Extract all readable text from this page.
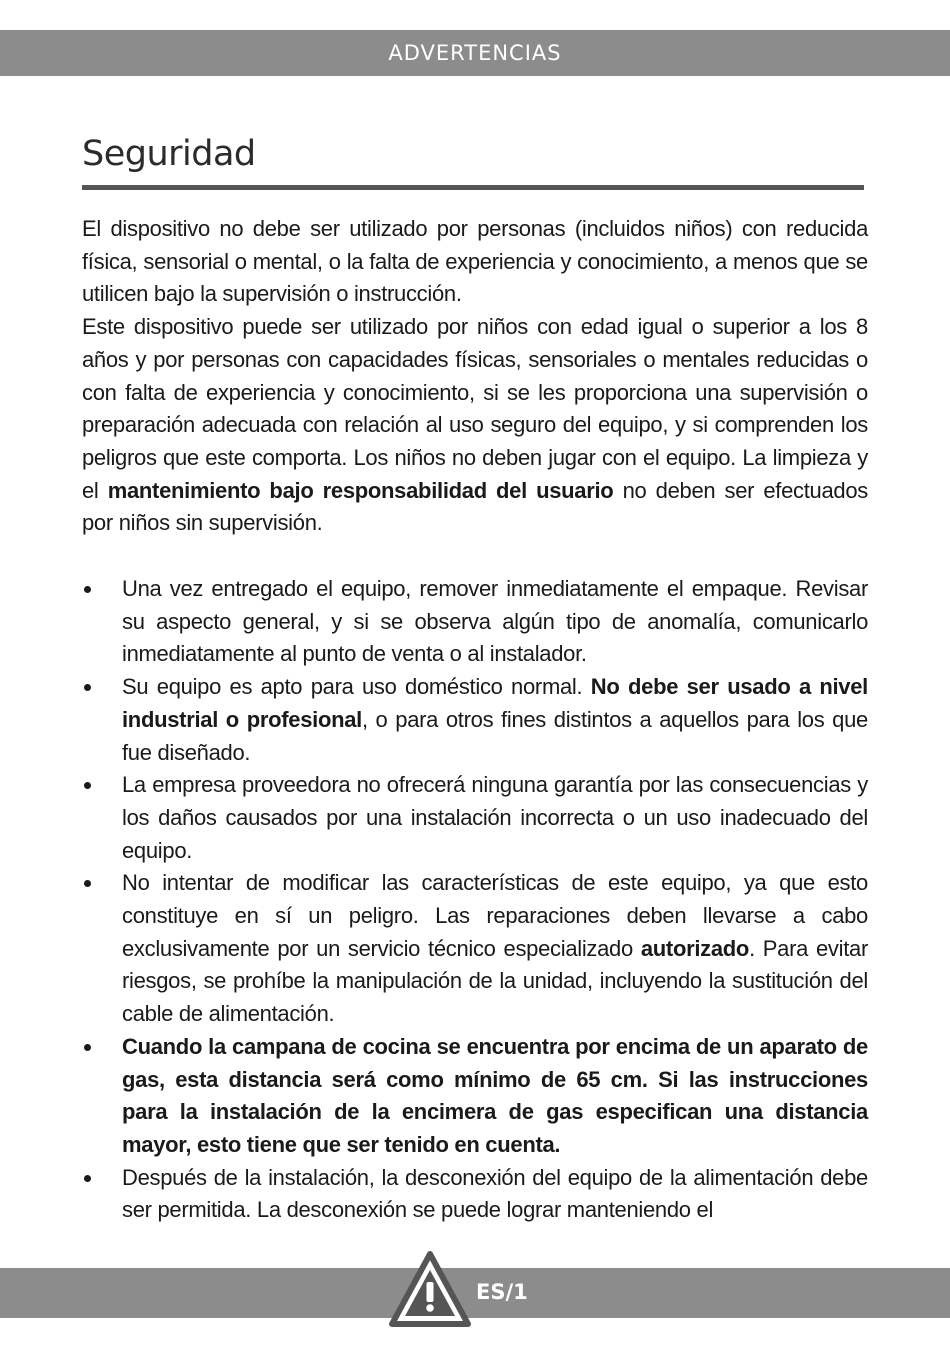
ADVERTENCIAS
Seguridad

El dispositivo no debe ser utilizado por personas (incluidos niños) con reducida física, sensorial o mental, o la falta de experiencia y conocimiento, a menos que se utilicen bajo la supervisión o instrucción.

Este dispositivo puede ser utilizado por niños con edad igual o superior a los 8 años y por personas con capacidades físicas, sensoriales o mentales reducidas o con falta de experiencia y conocimiento, si se les proporciona una supervisión o preparación adecuada con relación al uso seguro del equipo, y si comprenden los peligros que este comporta. Los niños no deben jugar con el equipo. La limpieza y el mantenimiento bajo responsabilidad del usuario no deben ser efectuados por niños sin supervisión.

Una vez entregado el equipo, remover inmediatamente el empaque. Revisar su aspecto general, y si se observa algún tipo de anomalía, comunicarlo inmediatamente al punto de venta o al instalador.
Su equipo es apto para uso doméstico normal. No debe ser usado a nivel industrial o profesional, o para otros fines distintos a aquellos para los que fue diseñado.
La empresa proveedora no ofrecerá ninguna garantía por las consecuencias y los daños causados por una instalación incorrecta o un uso inadecuado del equipo.
No intentar de modificar las características de este equipo, ya que esto constituye en sí un peligro. Las reparaciones deben llevarse a cabo exclusivamente por un servicio técnico especializado autorizado. Para evitar riesgos, se prohíbe la manipulación de la unidad, incluyendo la sustitución del cable de alimentación.
Cuando la campana de cocina se encuentra por encima de un aparato de gas, esta distancia será como mínimo de 65 cm. Si las instrucciones para la instalación de la encimera de gas especifican una distancia mayor, esto tiene que ser tenido en cuenta.
Después de la instalación, la desconexión del equipo de la alimentación debe ser permitida. La desconexión se puede lograr manteniendo el
ES/1
